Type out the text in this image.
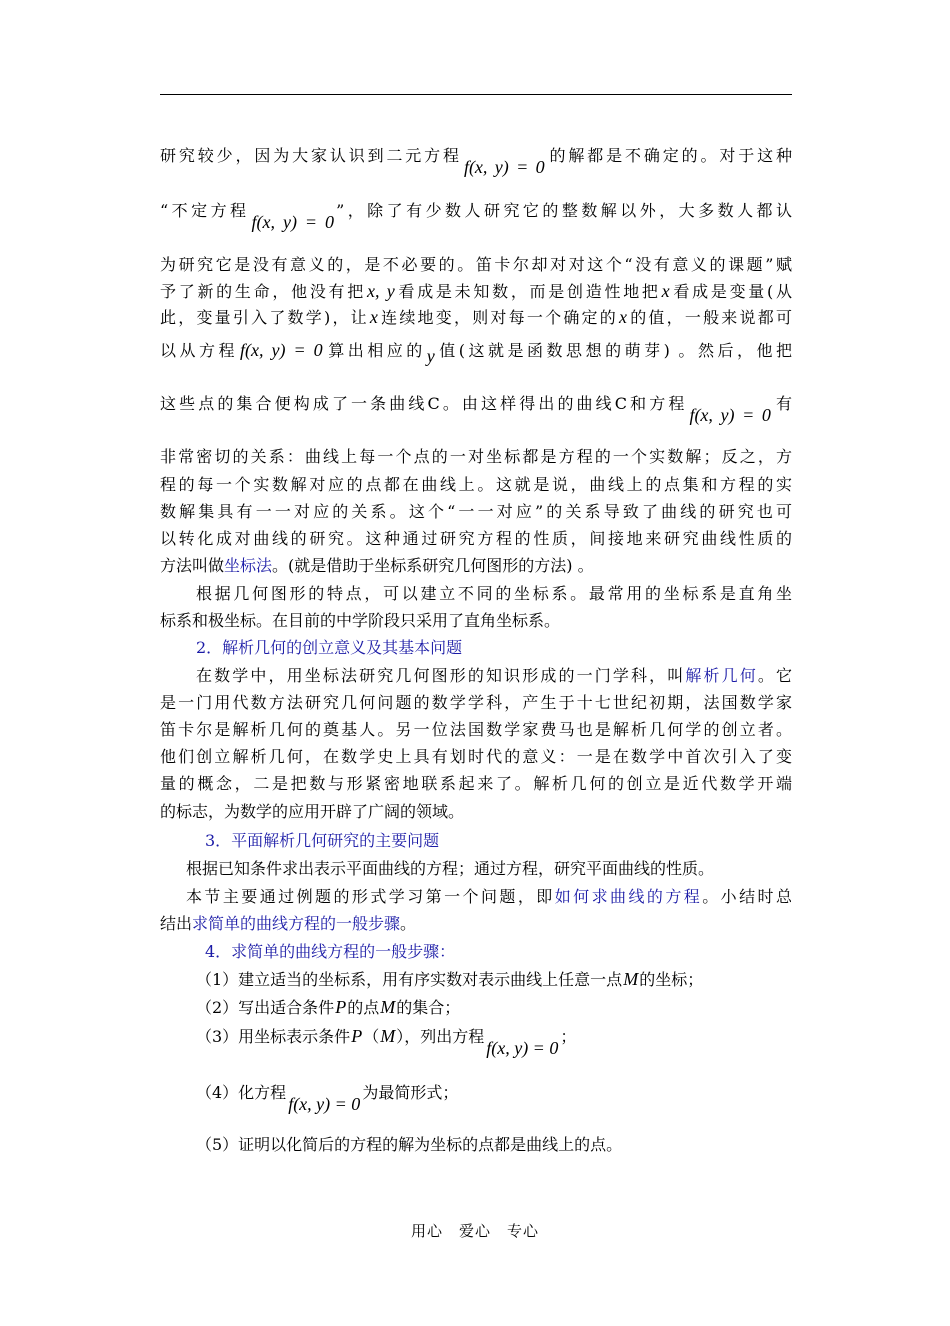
研究较少，因为大家认识到二元方程f(x, y) = 0的解都是不确定的。对于这种
“不定方程f(x, y) = 0”，除了有少数人研究它的整数解以外，大多数人都认
为研究它是没有意义的，是不必要的。笛卡尔却对对这个“没有意义的课题”赋
予了新的生命，他没有把x, y看成是未知数，而是创造性地把x看成是变量(从
此，变量引入了数学)，让x连续地变，则对每一个确定的x的值，一般来说都可
以从方程 f(x, y) = 0 算出相应的y值(这就是函数思想的萌芽) 。然后，他把
这些点的集合便构成了一条曲线C。由这样得出的曲线C和方程f(x, y) = 0有
非常密切的关系：曲线上每一个点的一对坐标都是方程的一个实数解；反之，方
程的每一个实数解对应的点都在曲线上。这就是说，曲线上的点集和方程的实
数解集具有一一对应的关系。这个“一一对应”的关系导致了曲线的研究也可
以转化成对曲线的研究。这种通过研究方程的性质，间接地来研究曲线性质的
方法叫做坐标法。(就是借助于坐标系研究几何图形的方法) 。
根据几何图形的特点，可以建立不同的坐标系。最常用的坐标系是直角坐
标系和极坐标。在目前的中学阶段只采用了直角坐标系。
2．解析几何的创立意义及其基本问题
在数学中，用坐标法研究几何图形的知识形成的一门学科，叫解析几何。它
是一门用代数方法研究几何问题的数学学科，产生于十七世纪初期，法国数学家
笛卡尔是解析几何的奠基人。另一位法国数学家费马也是解析几何学的创立者。
他们创立解析几何，在数学史上具有划时代的意义：一是在数学中首次引入了变
量的概念，二是把数与形紧密地联系起来了。解析几何的创立是近代数学开端
的标志，为数学的应用开辟了广阔的领域。
3．平面解析几何研究的主要问题
根据已知条件求出表示平面曲线的方程；通过方程，研究平面曲线的性质。
本节主要通过例题的形式学习第一个问题，即如何求曲线的方程。小结时总
结出求简单的曲线方程的一般步骤。
4．求简单的曲线方程的一般步骤：
（1）建立适当的坐标系，用有序实数对表示曲线上任意一点M的坐标；
（2）写出适合条件P的点M的集合；
（3）用坐标表示条件P（M），列出方程f(x, y) = 0；
（4）化方程f(x, y) = 0为最简形式；
（5）证明以化简后的方程的解为坐标的点都是曲线上的点。
用心　爱心　专心
